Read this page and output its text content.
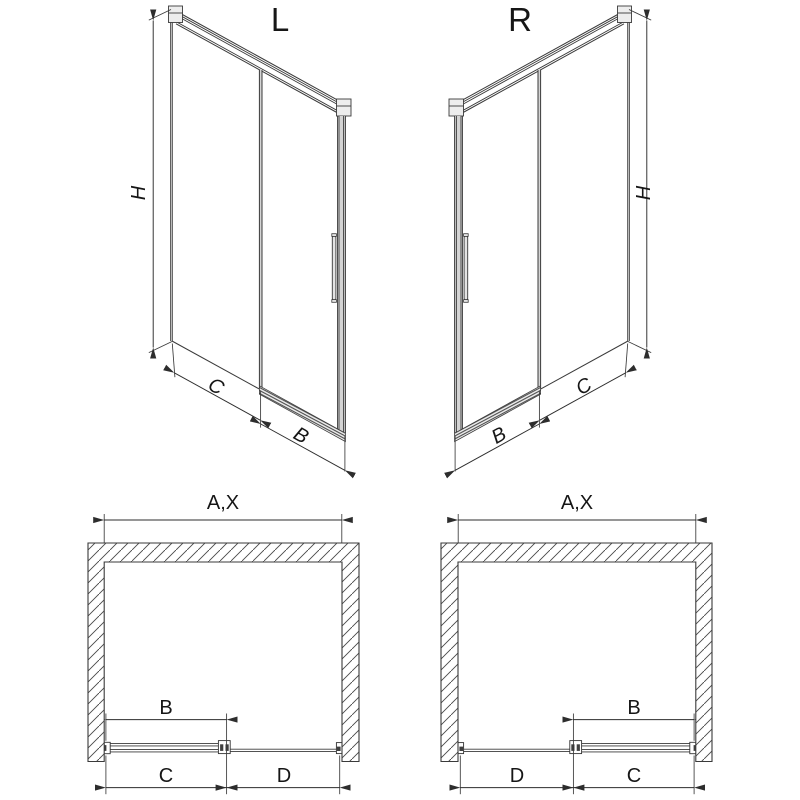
L	R
H	H
C
B
C
B
A,X	A,X
B
C	D
B
D	C
